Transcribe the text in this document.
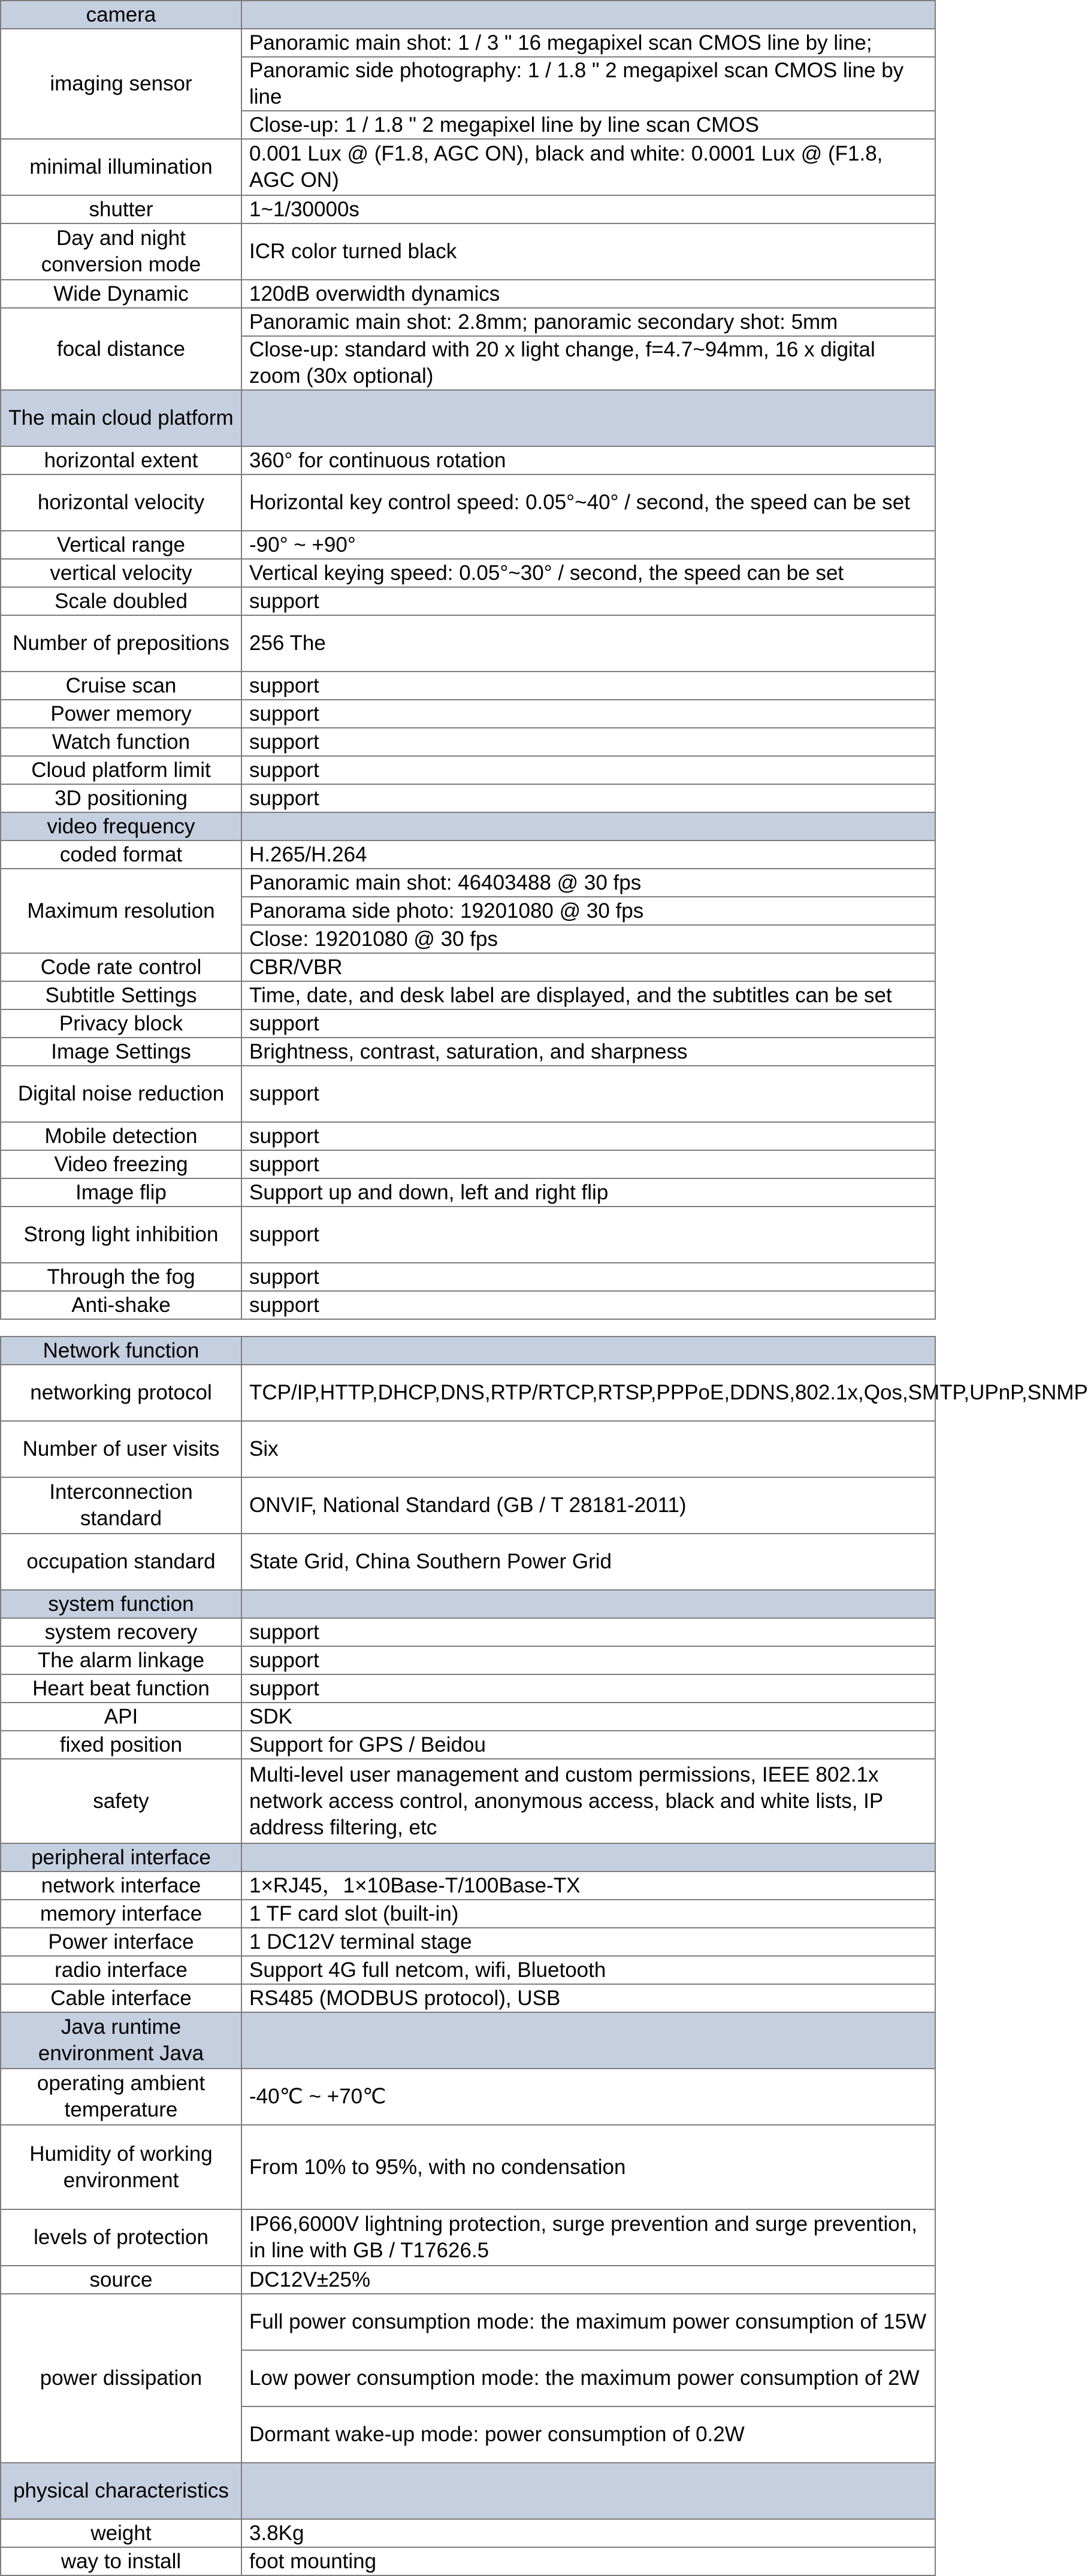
camera	
imaging sensor	Panoramic main shot: 1 / 3 " 16 megapixel scan CMOS line by line;
	Panoramic side photography: 1 / 1.8 " 2 megapixel scan CMOS line by line
	Close-up: 1 / 1.8 " 2 megapixel line by line scan CMOS
minimal illumination	0.001 Lux @ (F1.8, AGC ON), black and white: 0.0001 Lux @ (F1.8, AGC ON)
shutter	1~1/30000s
Day and night conversion mode	ICR color turned black
Wide Dynamic	120dB overwidth dynamics
focal distance	Panoramic main shot: 2.8mm; panoramic secondary shot: 5mm
	Close-up: standard with 20 x light change, f=4.7~94mm, 16 x digital zoom (30x optional)
The main cloud platform	
horizontal extent	360° for continuous rotation
horizontal velocity	Horizontal key control speed: 0.05°~40° / second, the speed can be set
Vertical range	-90° ~ +90°
vertical velocity	Vertical keying speed: 0.05°~30° / second, the speed can be set
Scale doubled	support
Number of prepositions	256 The
Cruise scan	support
Power memory	support
Watch function	support
Cloud platform limit	support
3D positioning	support
video frequency	
coded format	H.265/H.264
Maximum resolution	Panoramic main shot: 46403488 @ 30 fps
	Panorama side photo: 19201080 @ 30 fps
	Close: 19201080 @ 30 fps
Code rate control	CBR/VBR
Subtitle Settings	Time, date, and desk label are displayed, and the subtitles can be set
Privacy block	support
Image Settings	Brightness, contrast, saturation, and sharpness
Digital noise reduction	support
Mobile detection	support
Video freezing	support
Image flip	Support up and down, left and right flip
Strong light inhibition	support
Through the fog	support
Anti-shake	support
Network function	
networking protocol	TCP/IP,HTTP,DHCP,DNS,RTP/RTCP,RTSP,PPPoE,DDNS,802.1x,Qos,SMTP,UPnP,SNMP
Number of user visits	Six
Interconnection standard	ONVIF, National Standard (GB / T 28181-2011)
occupation standard	State Grid, China Southern Power Grid
system function	
system recovery	support
The alarm linkage	support
Heart beat function	support
API	SDK
fixed position	Support for GPS / Beidou
safety	Multi-level user management and custom permissions, IEEE 802.1x network access control, anonymous access, black and white lists, IP address filtering, etc
peripheral interface	
network interface	1×RJ45，1×10Base-T/100Base-TX
memory interface	1 TF card slot (built-in)
Power interface	1 DC12V terminal stage
radio interface	Support 4G full netcom, wifi, Bluetooth
Cable interface	RS485 (MODBUS protocol), USB
Java runtime environment Java	
operating ambient temperature	-40℃ ~ +70℃
Humidity of working environment	From 10% to 95%, with no condensation
levels of protection	IP66,6000V lightning protection, surge prevention and surge prevention, in line with GB / T17626.5
source	DC12V±25%
power dissipation	Full power consumption mode: the maximum power consumption of 15W
	Low power consumption mode: the maximum power consumption of 2W
	Dormant wake-up mode: power consumption of 0.2W
physical characteristics	
weight	3.8Kg
way to install	foot mounting
